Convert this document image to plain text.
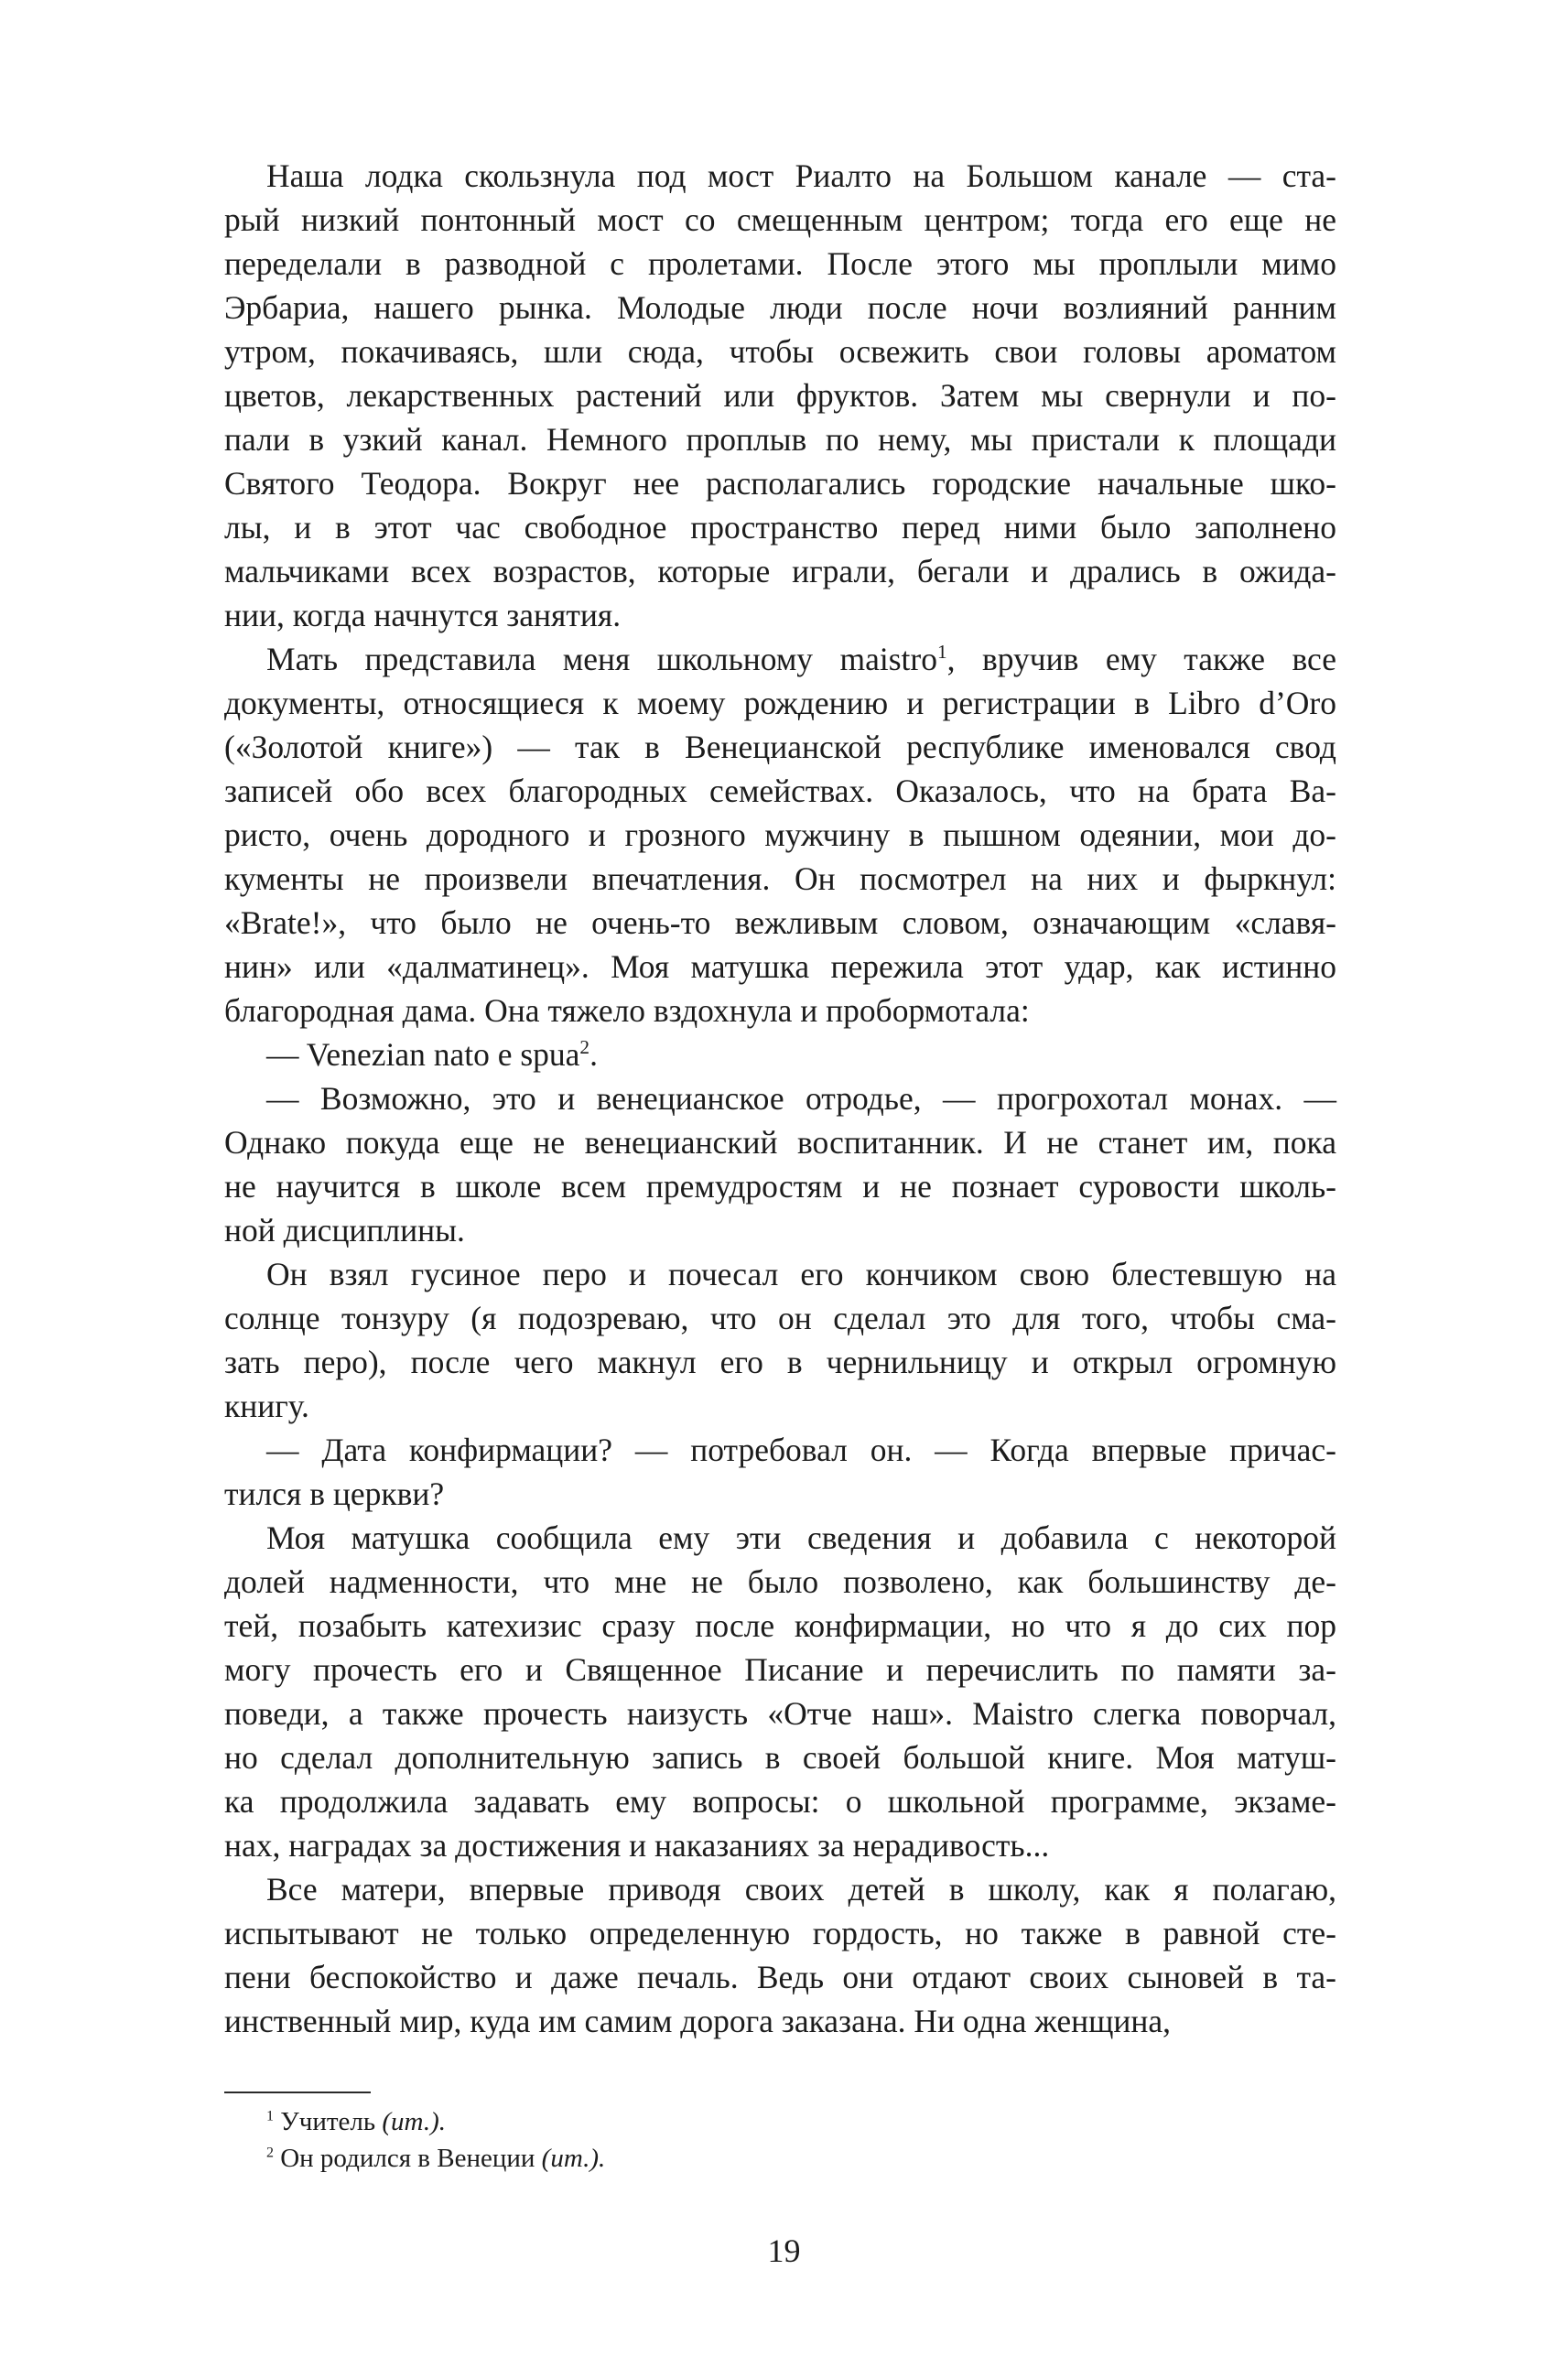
Наша лодка скользнула под мост Риалто на Большом канале — ста-
рый низкий понтонный мост со смещенным центром; тогда его еще не
переделали в разводной с пролетами. После этого мы проплыли мимо
Эрбариа, нашего рынка. Молодые люди после ночи возлияний ранним
утром, покачиваясь, шли сюда, чтобы освежить свои головы ароматом
цветов, лекарственных растений или фруктов. Затем мы свернули и по-
пали в узкий канал. Немного проплыв по нему, мы пристали к площади
Святого Теодора. Вокруг нее располагались городские начальные шко-
лы, и в этот час свободное пространство перед ними было заполнено
мальчиками всех возрастов, которые играли, бегали и дрались в ожида-
нии, когда начнутся занятия.
Мать представила меня школьному maistro$^1$, вручив ему также все
документы, относящиеся к моему рождению и регистрации в Libro d’Oro
(«Золотой книге») — так в Венецианской республике именовался свод
записей обо всех благородных семействах. Оказалось, что на брата Ва-
ристо, очень дородного и грозного мужчину в пышном одеянии, мои до-
кументы не произвели впечатления. Он посмотрел на них и фыркнул:
«Brate!», что было не очень-то вежливым словом, означающим «славя-
нин» или «далматинец». Моя матушка пережила этот удар, как истинно
благородная дама. Она тяжело вздохнула и пробормотала:
— Venezian nato e spua$^2$.
— Возможно, это и венецианское отродье, — прогрохотал монах. —
Однако покуда еще не венецианский воспитанник. И не станет им, пока
не научится в школе всем премудростям и не познает суровости школь-
ной дисциплины.
Он взял гусиное перо и почесал его кончиком свою блестевшую на
солнце тонзуру (я подозреваю, что он сделал это для того, чтобы сма-
зать перо), после чего макнул его в чернильницу и открыл огромную
книгу.
— Дата конфирмации? — потребовал он. — Когда впервые причас-
тился в церкви?
Моя матушка сообщила ему эти сведения и добавила с некоторой
долей надменности, что мне не было позволено, как большинству де-
тей, позабыть катехизис сразу после конфирмации, но что я до сих пор
могу прочесть его и Священное Писание и перечислить по памяти за-
поведи, а также прочесть наизусть «Отче наш». Maistro слегка поворчал,
но сделал дополнительную запись в своей большой книге. Моя матуш-
ка продолжила задавать ему вопросы: о школьной программе, экзаме-
нах, наградах за достижения и наказаниях за нерадивость...
Все матери, впервые приводя своих детей в школу, как я полагаю,
испытывают не только определенную гордость, но также в равной сте-
пени беспокойство и даже печаль. Ведь они отдают своих сыновей в та-
инственный мир, куда им самим дорога заказана. Ни одна женщина,
$^1$ Учитель (ит.).
$^2$ Он родился в Венеции (ит.).
19
